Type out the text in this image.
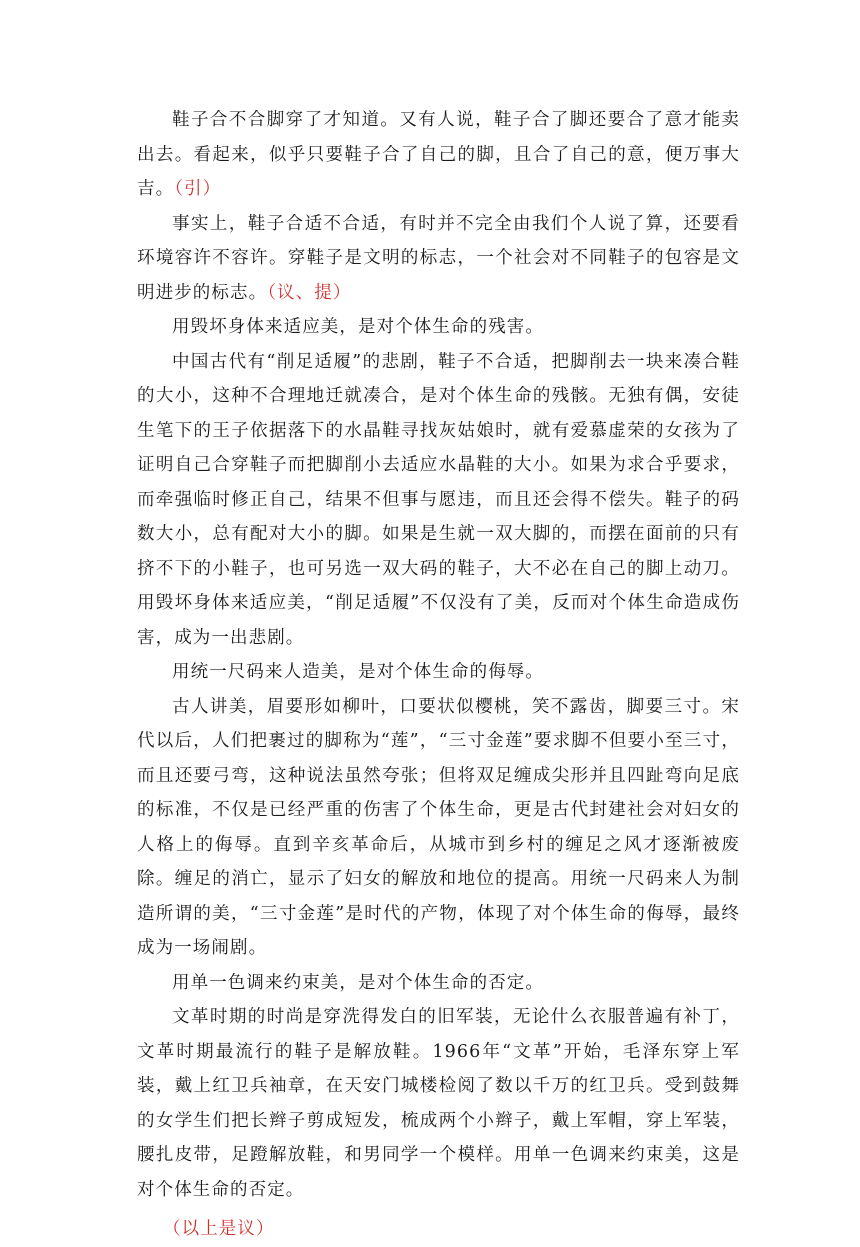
鞋子合不合脚穿了才知道。又有人说，鞋子合了脚还要合了意才能卖出去。看起来，似乎只要鞋子合了自己的脚，且合了自己的意，便万事大吉。（引）

事实上，鞋子合适不合适，有时并不完全由我们个人说了算，还要看环境容许不容许。穿鞋子是文明的标志，一个社会对不同鞋子的包容是文明进步的标志。（议、提）

用毁坏身体来适应美，是对个体生命的残害。

中国古代有“削足适履”的悲剧，鞋子不合适，把脚削去一块来凑合鞋的大小，这种不合理地迁就凑合，是对个体生命的残骸。无独有偶，安徒生笔下的王子依据落下的水晶鞋寻找灰姑娘时，就有爱慕虚荣的女孩为了证明自己合穿鞋子而把脚削小去适应水晶鞋的大小。如果为求合乎要求，而牵强临时修正自己，结果不但事与愿违，而且还会得不偿失。鞋子的码数大小，总有配对大小的脚。如果是生就一双大脚的，而摆在面前的只有挤不下的小鞋子，也可另选一双大码的鞋子，大不必在自己的脚上动刀。用毁坏身体来适应美，“削足适履”不仅没有了美，反而对个体生命造成伤害，成为一出悲剧。

用统一尺码来人造美，是对个体生命的侮辱。

古人讲美，眉要形如柳叶，口要状似樱桃，笑不露齿，脚要三寸。宋代以后，人们把裹过的脚称为“莲”，“三寸金莲”要求脚不但要小至三寸，而且还要弓弯，这种说法虽然夸张；但将双足缠成尖形并且四趾弯向足底的标准，不仅是已经严重的伤害了个体生命，更是古代封建社会对妇女的人格上的侮辱。直到辛亥革命后，从城市到乡村的缠足之风才逐渐被废除。缠足的消亡，显示了妇女的解放和地位的提高。用统一尺码来人为制造所谓的美，“三寸金莲”是时代的产物，体现了对个体生命的侮辱，最终成为一场闹剧。

用单一色调来约束美，是对个体生命的否定。

文革时期的时尚是穿洗得发白的旧军装，无论什么衣服普遍有补丁，文革时期最流行的鞋子是解放鞋。1966年“文革”开始，毛泽东穿上军装，戴上红卫兵袖章，在天安门城楼检阅了数以千万的红卫兵。受到鼓舞的女学生们把长辫子剪成短发，梳成两个小辫子，戴上军帽，穿上军装，腰扎皮带，足蹬解放鞋，和男同学一个模样。用单一色调来约束美，这是对个体生命的否定。

（以上是议）
